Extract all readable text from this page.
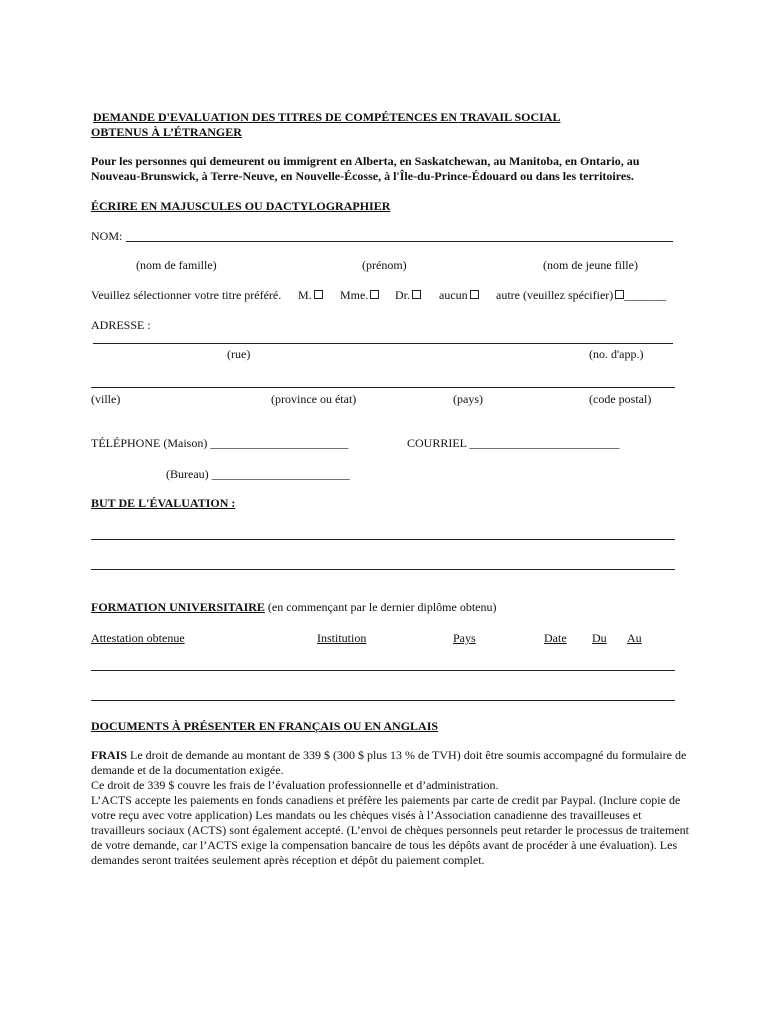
DEMANDE D'EVALUATION DES TITRES DE COMPÉTENCES EN TRAVAIL SOCIAL
OBTENUS À L’ÉTRANGER
Pour les personnes qui demeurent ou immigrent en Alberta, en Saskatchewan, au Manitoba, en Ontario, au
Nouveau-Brunswick, à Terre-Neuve, en Nouvelle-Écosse, à l'Île-du-Prince-Édouard ou dans les territoires.
ÉCRIRE EN MAJUSCULES OU DACTYLOGRAPHIER
NOM:
(nom de famille)	(prénom)	(nom de jeune fille)
Veuillez sélectionner votre titre préféré. M.	Mme.	Dr.	aucun	autre (veuillez spécifier) _______
ADRESSE :
(rue)	(no. d'app.)
(ville)	(province ou état)	(pays)	(code postal)
TÉLÉPHONE (Maison) _______________________	COURRIEL _________________________
(Bureau) _______________________
BUT DE L'ÉVALUATION :
FORMATION UNIVERSITAIRE (en commençant par le dernier diplôme obtenu)
Attestation obtenue	Institution	Pays	Date Du Au
DOCUMENTS À PRÉSENTER EN FRANÇAIS OU EN ANGLAIS
FRAIS Le droit de demande au montant de 339 $ (300 $ plus 13 % de TVH) doit être soumis accompagné du formulaire de demande et de la documentation exigée.
Ce droit de 339 $ couvre les frais de l’évaluation professionnelle et d’administration.
L’ACTS accepte les paiements en fonds canadiens et préfère les paiements par carte de credit par Paypal. (Inclure copie de votre reçu avec votre application) Les mandats ou les chèques visés à l’Association canadienne des travailleuses et travailleurs sociaux (ACTS) sont également accepté. (L’envoi de chèques personnels peut retarder le processus de traitement de votre demande, car l’ACTS exige la compensation bancaire de tous les dépôts avant de procéder à une évaluation). Les demandes seront traitées seulement après réception et dépôt du paiement complet.
